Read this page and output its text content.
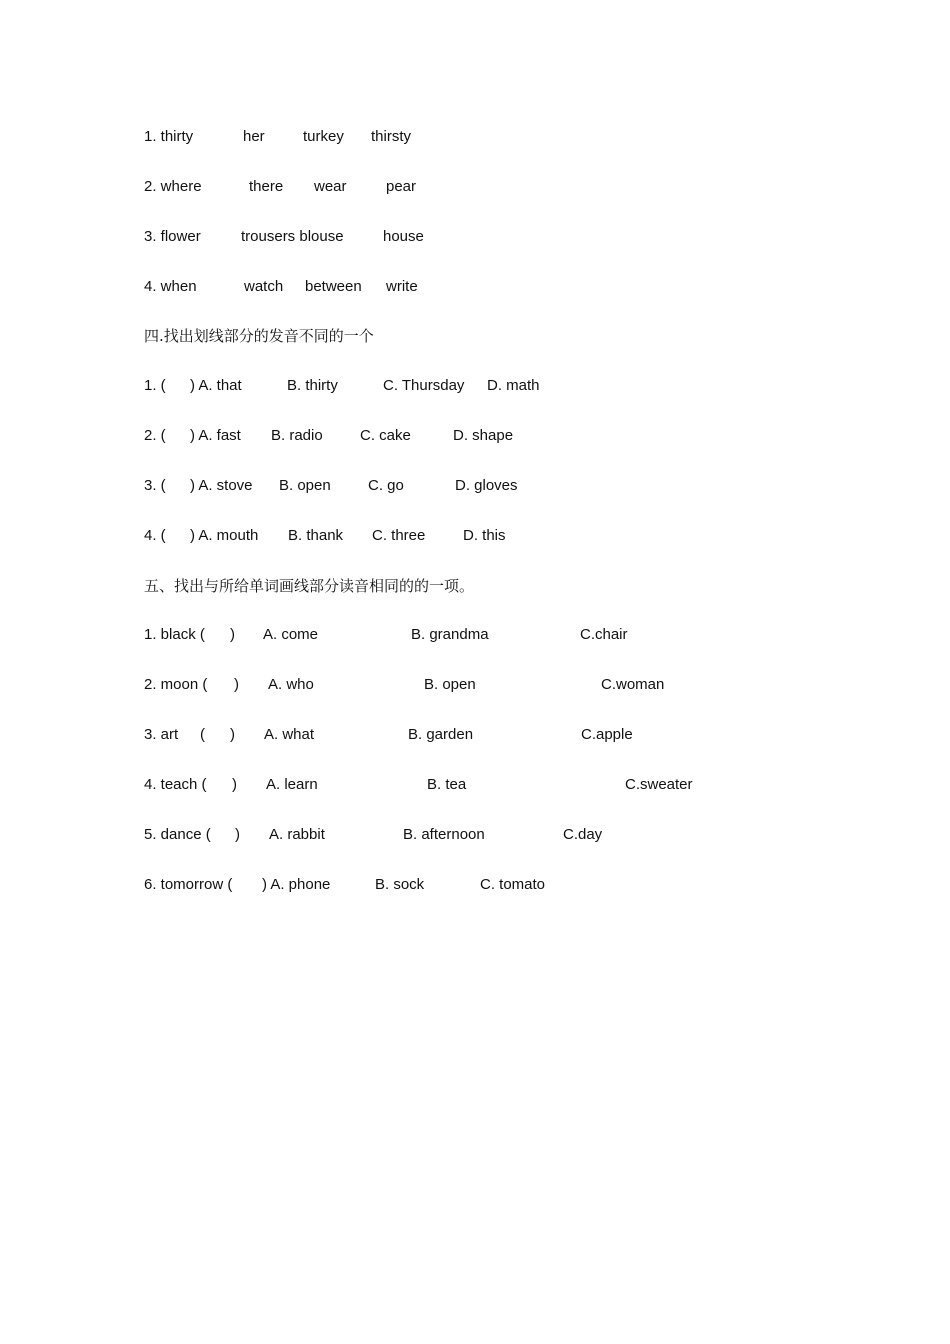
1. thirty	her	turkey thirsty
2. where	there wear	pear
3. flower	trousers blouse	house
4. when	watch between write
四.找出划线部分的发音不同的一个
1. ( ) A. that	B. thirty	C. Thursday D. math
2. ( ) A. fast B. radio C. cake	D. shape
3. ( ) A. stove B. open C. go	D. gloves
4. ( ) A. mouth B. thank C. three	D. this
五、找出与所给单词画线部分读音相同的的一项。
1. black ( ) A. come	B. grandma	C.chair
2. moon ( ) A. who	B. open	C.woman
3. art ( ) A. what	B. garden	C.apple
4. teach ( ) A. learn	B. tea	C.sweater
5. dance ( ) A. rabbit	B. afternoon	C.day
6. tomorrow ( ) A. phone	B. sock	C. tomato
